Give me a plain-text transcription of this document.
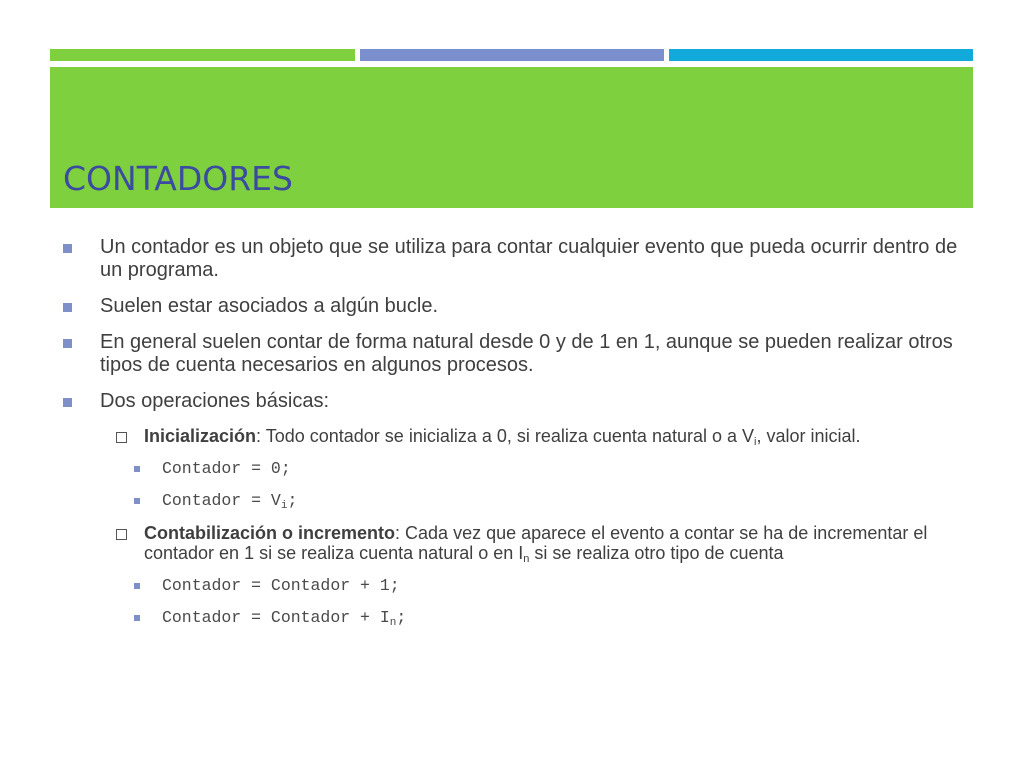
CONTADORES
Un contador es un objeto que se utiliza para contar cualquier evento que pueda ocurrir dentro de un programa.
Suelen estar asociados a algún bucle.
En general suelen contar de forma natural desde 0 y de 1 en 1, aunque se pueden realizar otros tipos de cuenta necesarios en algunos procesos.
Dos operaciones básicas:
Inicialización: Todo contador se inicializa a 0, si realiza cuenta natural o a $V_i$, valor inicial.
Contador = 0;
Contador = $V_i$;
Contabilización o incremento: Cada vez que aparece el evento a contar se ha de incrementar el contador en 1 si se realiza cuenta natural o en $I_n$ si se realiza otro tipo de cuenta
Contador = Contador + 1;
Contador = Contador + $I_n$;
